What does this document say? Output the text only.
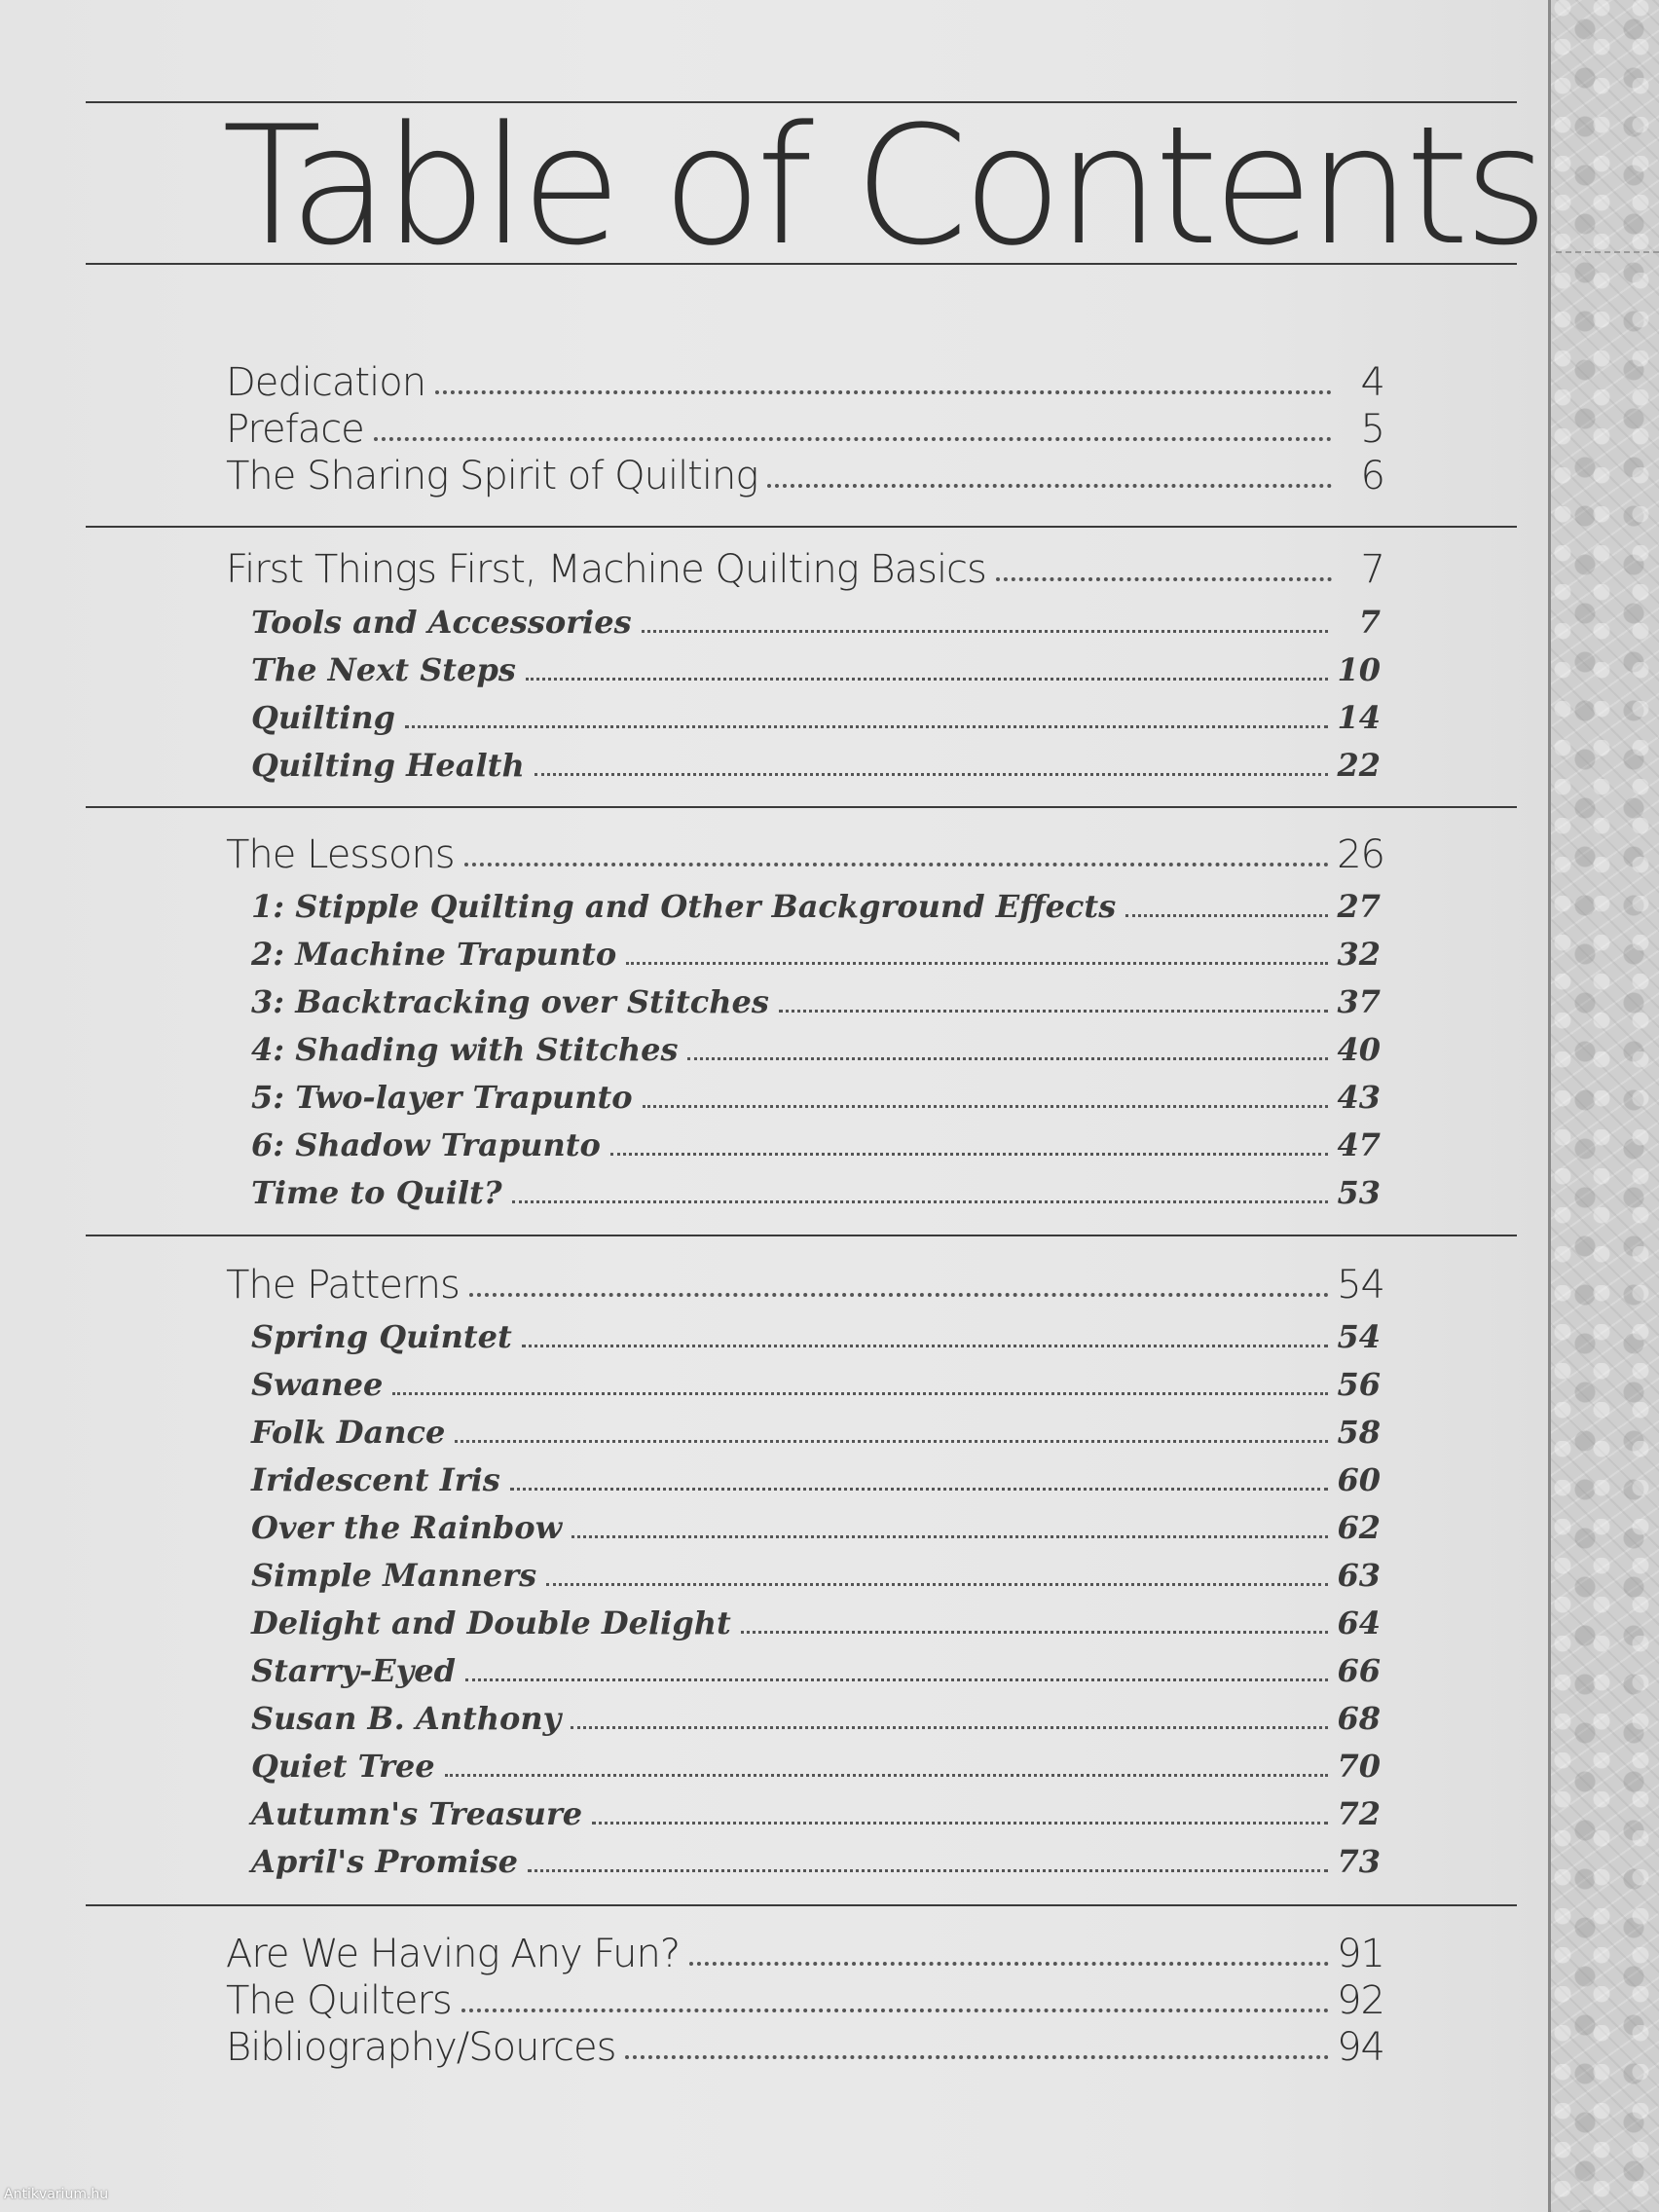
Table of Contents
Dedication	4
Preface	5
The Sharing Spirit of Quilting	6
First Things First, Machine Quilting Basics	7
Tools and Accessories	7
The Next Steps	10
Quilting	14
Quilting Health	22
The Lessons	26
1: Stipple Quilting and Other Background Effects	27
2: Machine Trapunto	32
3: Backtracking over Stitches	37
4: Shading with Stitches	40
5: Two-layer Trapunto	43
6: Shadow Trapunto	47
Time to Quilt?	53
The Patterns	54
Spring Quintet	54
Swanee	56
Folk Dance	58
Iridescent Iris	60
Over the Rainbow	62
Simple Manners	63
Delight and Double Delight	64
Starry-Eyed	66
Susan B. Anthony	68
Quiet Tree	70
Autumn's Treasure	72
April's Promise	73
Are We Having Any Fun?	91
The Quilters	92
Bibliography/Sources	94
Antikvarium.hu
